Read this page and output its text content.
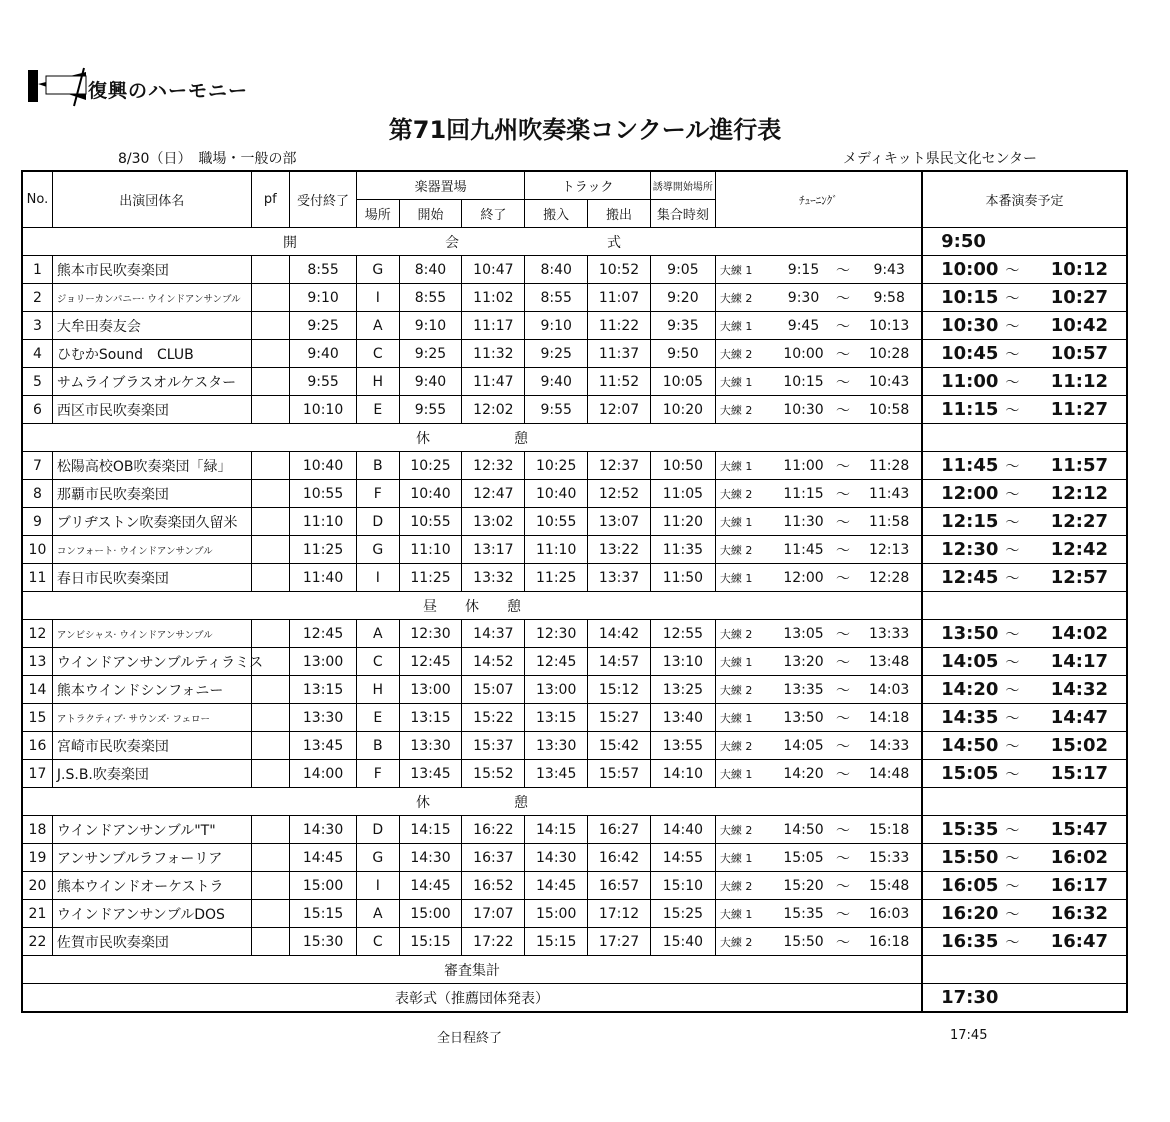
復興のハーモニー
第71回九州吹奏楽コンクール進行表
8/30（日）　職場・一般の部	メディキット県民文化センター
No.	出演団体名	pf	受付終了	楽器置場			トラック		誘導開始場所	ﾁｭｰﾆﾝｸﾞ				本番演奏予定		
				場所	開始	終了	搬入	搬出	集合時刻							
開　　会　　式														9:50		
1	熊本市民吹奏楽団		8:55	G	8:40	10:47	8:40	10:52	9:05	大練 1	9:15	～	9:43	10:00	～	10:12
2	ジョリーカンパニー· ウインドアンサンブル		9:10	I	8:55	11:02	8:55	11:07	9:20	大練 2	9:30	～	9:58	10:15	～	10:27
3	大牟田奏友会		9:25	A	9:10	11:17	9:10	11:22	9:35	大練 1	9:45	～	10:13	10:30	～	10:42
4	ひむかSound　CLUB		9:40	C	9:25	11:32	9:25	11:37	9:50	大練 2	10:00	～	10:28	10:45	～	10:57
5	サムライブラスオルケスター		9:55	H	9:40	11:47	9:40	11:52	10:05	大練 1	10:15	～	10:43	11:00	～	11:12
6	西区市民吹奏楽団		10:10	E	9:55	12:02	9:55	12:07	10:20	大練 2	10:30	～	10:58	11:15	～	11:27
休　　　　　　憩																
7	松陽高校OB吹奏楽団「緑」		10:40	B	10:25	12:32	10:25	12:37	10:50	大練 1	11:00	～	11:28	11:45	～	11:57
8	那覇市民吹奏楽団		10:55	F	10:40	12:47	10:40	12:52	11:05	大練 2	11:15	～	11:43	12:00	～	12:12
9	ブリヂストン吹奏楽団久留米		11:10	D	10:55	13:02	10:55	13:07	11:20	大練 1	11:30	～	11:58	12:15	～	12:27
10	コンフォート· ウインドアンサンブル		11:25	G	11:10	13:17	11:10	13:22	11:35	大練 2	11:45	～	12:13	12:30	～	12:42
11	春日市民吹奏楽団		11:40	I	11:25	13:32	11:25	13:37	11:50	大練 1	12:00	～	12:28	12:45	～	12:57
昼　　休　　憩																
12	アンビシャス· ウインドアンサンブル		12:45	A	12:30	14:37	12:30	14:42	12:55	大練 2	13:05	～	13:33	13:50	～	14:02
13	ウインドアンサンブルティラミス		13:00	C	12:45	14:52	12:45	14:57	13:10	大練 1	13:20	～	13:48	14:05	～	14:17
14	熊本ウインドシンフォニー		13:15	H	13:00	15:07	13:00	15:12	13:25	大練 2	13:35	～	14:03	14:20	～	14:32
15	アトラクティブ· サウンズ· フェロー		13:30	E	13:15	15:22	13:15	15:27	13:40	大練 1	13:50	～	14:18	14:35	～	14:47
16	宮崎市民吹奏楽団		13:45	B	13:30	15:37	13:30	15:42	13:55	大練 2	14:05	～	14:33	14:50	～	15:02
17	J.S.B.吹奏楽団		14:00	F	13:45	15:52	13:45	15:57	14:10	大練 1	14:20	～	14:48	15:05	～	15:17
休　　　　　　憩																
18	ウインドアンサンブル"T"		14:30	D	14:15	16:22	14:15	16:27	14:40	大練 2	14:50	～	15:18	15:35	～	15:47
19	アンサンブルラフォーリア		14:45	G	14:30	16:37	14:30	16:42	14:55	大練 1	15:05	～	15:33	15:50	～	16:02
20	熊本ウインドオーケストラ		15:00	I	14:45	16:52	14:45	16:57	15:10	大練 2	15:20	～	15:48	16:05	～	16:17
21	ウインドアンサンブルDOS		15:15	A	15:00	17:07	15:00	17:12	15:25	大練 1	15:35	～	16:03	16:20	～	16:32
22	佐賀市民吹奏楽団		15:30	C	15:15	17:22	15:15	17:27	15:40	大練 2	15:50	～	16:18	16:35	～	16:47
審査集計																
表彰式（推薦団体発表）														17:30		
全日程終了	17:45
